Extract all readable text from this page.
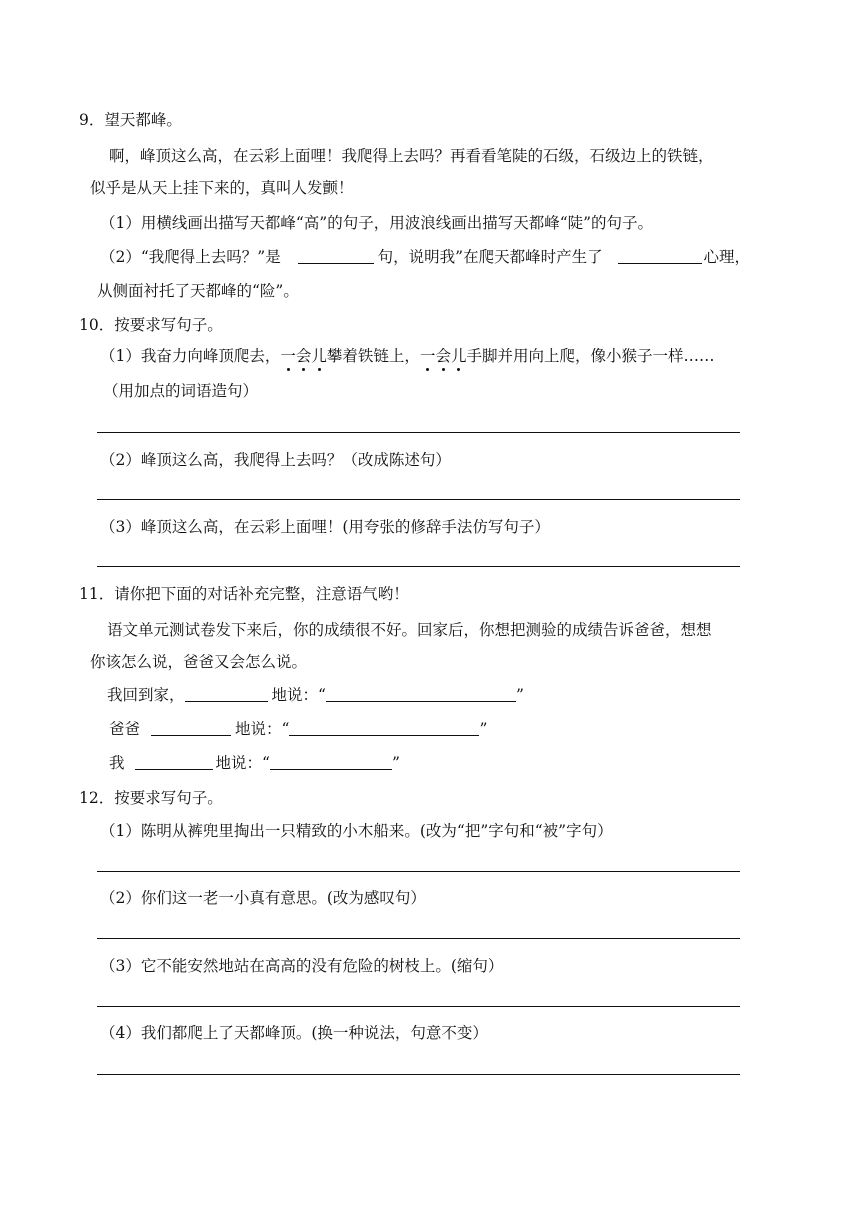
9．望天都峰。
啊，峰顶这么高，在云彩上面哩！我爬得上去吗？再看看笔陡的石级，石级边上的铁链，
似乎是从天上挂下来的，真叫人发颤！
（1）用横线画出描写天都峰“高”的句子，用波浪线画出描写天都峰“陡”的句子。
（2）“我爬得上去吗？”是	句，说明我”在爬天都峰时产生了	心理，
从侧面衬托了天都峰的“险”。
10．按要求写句子。
（1）我奋力向峰顶爬去，一会儿攀着铁链上，一会儿手脚并用向上爬，像小猴子一样……
（用加点的词语造句）
（2）峰顶这么高，我爬得上去吗？（改成陈述句）
（3）峰顶这么高，在云彩上面哩！(用夸张的修辞手法仿写句子）
11．请你把下面的对话补充完整，注意语气哟！
语文单元测试卷发下来后，你的成绩很不好。回家后，你想把测验的成绩告诉爸爸，想想
你该怎么说，爸爸又会怎么说。
我回到家，	地说：“	”
爸爸	地说：“	”
我	地说：“	”
12．按要求写句子。
（1）陈明从裤兜里掏出一只精致的小木船来。(改为“把”字句和“被”字句）
（2）你们这一老一小真有意思。(改为感叹句）
（3）它不能安然地站在高高的没有危险的树枝上。(缩句）
（4）我们都爬上了天都峰顶。(换一种说法，句意不变）
